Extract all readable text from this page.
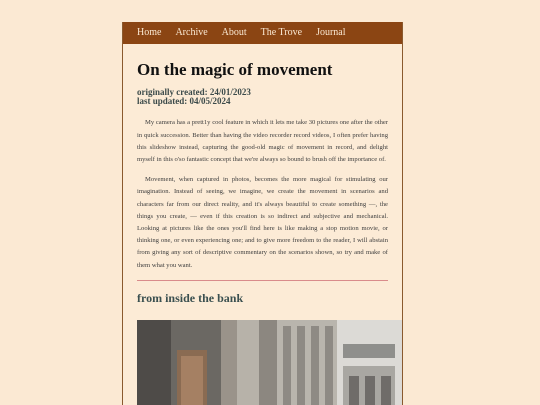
Home Archive About The Trove Journal
On the magic of movement
originally created: 24/01/2023
last updated: 04/05/2024

My camera has a prett1y cool feature in which it lets me take 30 pictures one after the other in quick succession. Better than having the video recorder record videos, I often prefer having this slideshow instead, capturing the good-old magic of movement in record, and delight myself in this o'so fantastic concept that we're always so bound to brush off the importance of.

Movement, when captured in photos, becomes the more magical for stimulating our imagination. Instead of seeing, we imagine, we create the movement in scenarios and characters far from our direct reality, and it's always beautiful to create something —, the things you create, — even if this creation is so indirect and subjective and mechanical. Looking at pictures like the ones you'll find here is like making a stop motion movie, or thinking one, or even experiencing one; and to give more freedom to the reader, I will abstain from giving any sort of descriptive commentary on the scenarios shown, so try and make of them what you want.

from inside the bank
